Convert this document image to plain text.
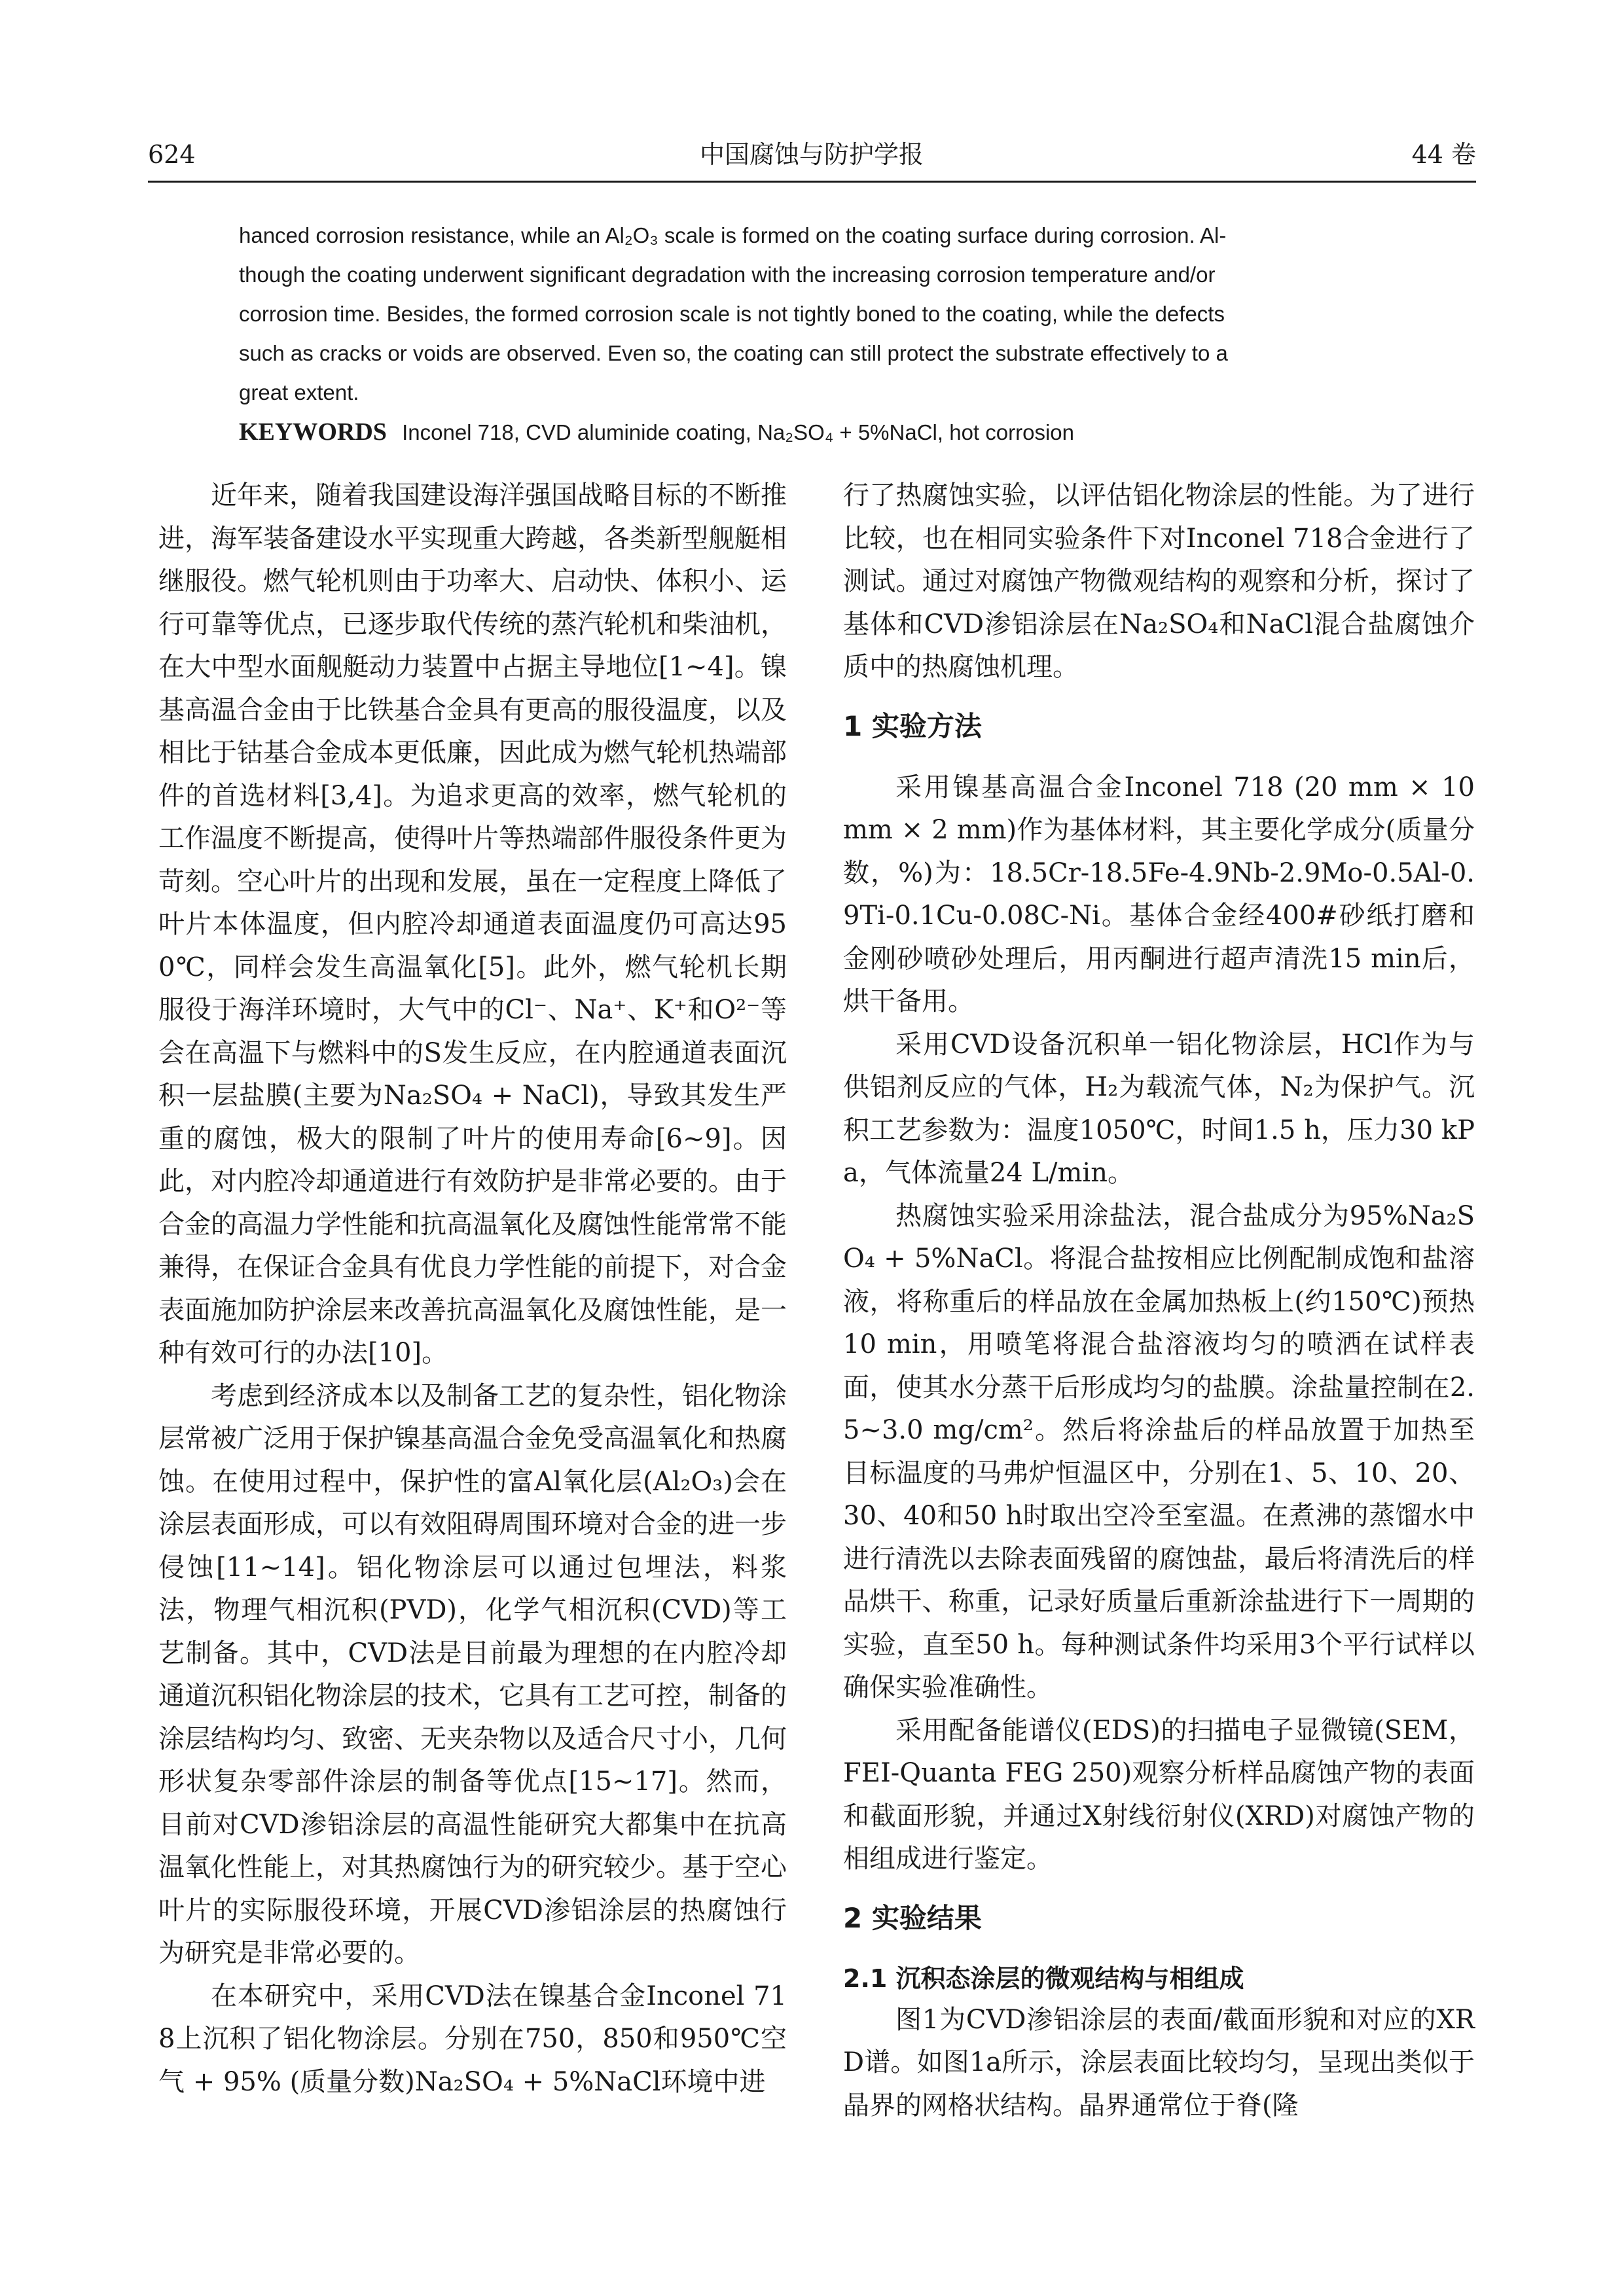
624	中国腐蚀与防护学报	44 卷
hanced corrosion resistance, while an Al₂O₃ scale is formed on the coating surface during corrosion. Al-
though the coating underwent significant degradation with the increasing corrosion temperature and/or
corrosion time. Besides, the formed corrosion scale is not tightly boned to the coating, while the defects
such as cracks or voids are observed. Even so, the coating can still protect the substrate effectively to a
great extent.
KEYWORDS Inconel 718, CVD aluminide coating, Na₂SO₄ + 5%NaCl, hot corrosion

近年来，随着我国建设海洋强国战略目标的不断推进，海军装备建设水平实现重大跨越，各类新型舰艇相继服役。燃气轮机则由于功率大、启动快、体积小、运行可靠等优点，已逐步取代传统的蒸汽轮机和柴油机，在大中型水面舰艇动力装置中占据主导地位[1~4]。镍基高温合金由于比铁基合金具有更高的服役温度，以及相比于钴基合金成本更低廉，因此成为燃气轮机热端部件的首选材料[3,4]。为追求更高的效率，燃气轮机的工作温度不断提高，使得叶片等热端部件服役条件更为苛刻。空心叶片的出现和发展，虽在一定程度上降低了叶片本体温度，但内腔冷却通道表面温度仍可高达950℃，同样会发生高温氧化[5]。此外，燃气轮机长期服役于海洋环境时，大气中的Cl⁻、Na⁺、K⁺和O²⁻等会在高温下与燃料中的S发生反应，在内腔通道表面沉积一层盐膜(主要为Na₂SO₄ + NaCl)，导致其发生严重的腐蚀，极大的限制了叶片的使用寿命[6~9]。因此，对内腔冷却通道进行有效防护是非常必要的。由于合金的高温力学性能和抗高温氧化及腐蚀性能常常不能兼得，在保证合金具有优良力学性能的前提下，对合金表面施加防护涂层来改善抗高温氧化及腐蚀性能，是一种有效可行的办法[10]。

考虑到经济成本以及制备工艺的复杂性，铝化物涂层常被广泛用于保护镍基高温合金免受高温氧化和热腐蚀。在使用过程中，保护性的富Al氧化层(Al₂O₃)会在涂层表面形成，可以有效阻碍周围环境对合金的进一步侵蚀[11~14]。铝化物涂层可以通过包埋法，料浆法，物理气相沉积(PVD)，化学气相沉积(CVD)等工艺制备。其中，CVD法是目前最为理想的在内腔冷却通道沉积铝化物涂层的技术，它具有工艺可控，制备的涂层结构均匀、致密、无夹杂物以及适合尺寸小，几何形状复杂零部件涂层的制备等优点[15~17]。然而，目前对CVD渗铝涂层的高温性能研究大都集中在抗高温氧化性能上，对其热腐蚀行为的研究较少。基于空心叶片的实际服役环境，开展CVD渗铝涂层的热腐蚀行为研究是非常必要的。

在本研究中，采用CVD法在镍基合金Inconel 718上沉积了铝化物涂层。分别在750，850和950℃空气 + 95% (质量分数)Na₂SO₄ + 5%NaCl环境中进

行了热腐蚀实验，以评估铝化物涂层的性能。为了进行比较，也在相同实验条件下对Inconel 718合金进行了测试。通过对腐蚀产物微观结构的观察和分析，探讨了基体和CVD渗铝涂层在Na₂SO₄和NaCl混合盐腐蚀介质中的热腐蚀机理。

1 实验方法

采用镍基高温合金Inconel 718 (20 mm × 10 mm × 2 mm)作为基体材料，其主要化学成分(质量分数，%)为：18.5Cr-18.5Fe-4.9Nb-2.9Mo-0.5Al-0.9Ti-0.1Cu-0.08C-Ni。基体合金经400#砂纸打磨和金刚砂喷砂处理后，用丙酮进行超声清洗15 min后，烘干备用。

采用CVD设备沉积单一铝化物涂层，HCl作为与供铝剂反应的气体，H₂为载流气体，N₂为保护气。沉积工艺参数为：温度1050℃，时间1.5 h，压力30 kPa，气体流量24 L/min。

热腐蚀实验采用涂盐法，混合盐成分为95%Na₂SO₄ + 5%NaCl。将混合盐按相应比例配制成饱和盐溶液，将称重后的样品放在金属加热板上(约150℃)预热10 min，用喷笔将混合盐溶液均匀的喷洒在试样表面，使其水分蒸干后形成均匀的盐膜。涂盐量控制在2.5~3.0 mg/cm²。然后将涂盐后的样品放置于加热至目标温度的马弗炉恒温区中，分别在1、5、10、20、30、40和50 h时取出空冷至室温。在煮沸的蒸馏水中进行清洗以去除表面残留的腐蚀盐，最后将清洗后的样品烘干、称重，记录好质量后重新涂盐进行下一周期的实验，直至50 h。每种测试条件均采用3个平行试样以确保实验准确性。

采用配备能谱仪(EDS)的扫描电子显微镜(SEM，FEI-Quanta FEG 250)观察分析样品腐蚀产物的表面和截面形貌，并通过X射线衍射仪(XRD)对腐蚀产物的相组成进行鉴定。

2 实验结果
2.1 沉积态涂层的微观结构与相组成

图1为CVD渗铝涂层的表面/截面形貌和对应的XRD谱。如图1a所示，涂层表面比较均匀，呈现出类似于晶界的网格状结构。晶界通常位于脊(隆
